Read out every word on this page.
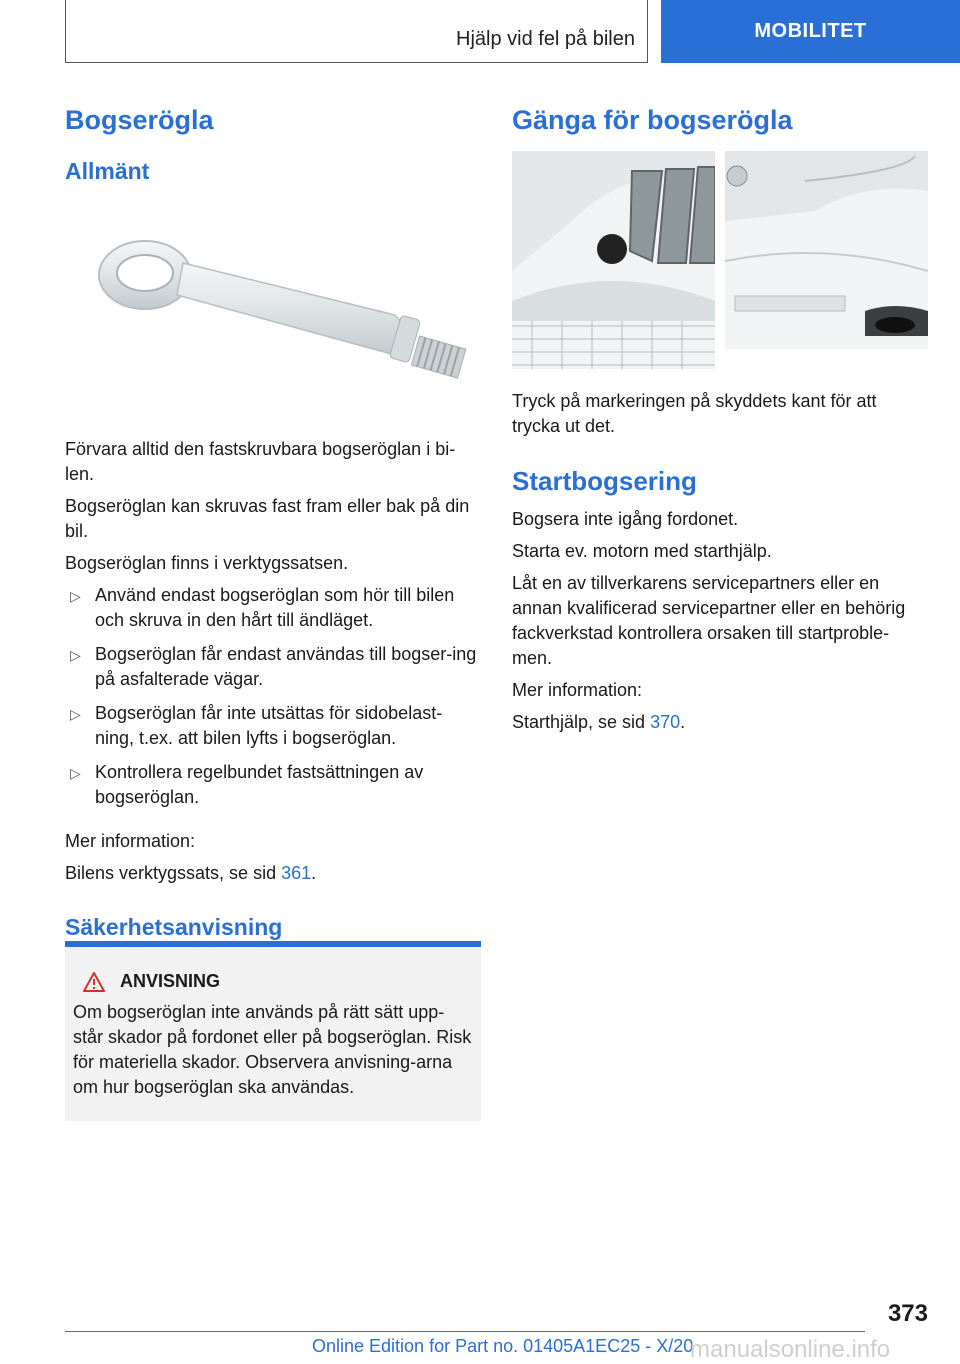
Hjälp vid fel på bilen	MOBILITET
Bogserögla
Allmänt

Förvara alltid den fastskruvbara bogseröglan i bi-len.

Bogseröglan kan skruvas fast fram eller bak på din bil.

Bogseröglan finns i verktygssatsen.

▷ Använd endast bogseröglan som hör till bilen och skruva in den hårt till ändläget.
▷ Bogseröglan får endast användas till bogser-ing på asfalterade vägar.
▷ Bogseröglan får inte utsättas för sidobelast-ning, t.ex. att bilen lyfts i bogseröglan.
▷ Kontrollera regelbundet fastsättningen av bogseröglan.

Mer information:

Bilens verktygssats, se sid 361.

Säkerhetsanvisning
ANVISNING

Om bogseröglan inte används på rätt sätt upp-står skador på fordonet eller på bogseröglan. Risk för materiella skador. Observera anvisning-arna om hur bogseröglan ska användas.

Gänga för bogserögla

Tryck på markeringen på skyddets kant för att trycka ut det.

Startbogsering

Bogsera inte igång fordonet.

Starta ev. motorn med starthjälp.

Låt en av tillverkarens servicepartners eller en annan kvalificerad servicepartner eller en behörig fackverkstad kontrollera orsaken till startproble-men.

Mer information:

Starthjälp, se sid 370.

373
Online Edition for Part no. 01405A1EC25 - X/20
manualsonline.info
